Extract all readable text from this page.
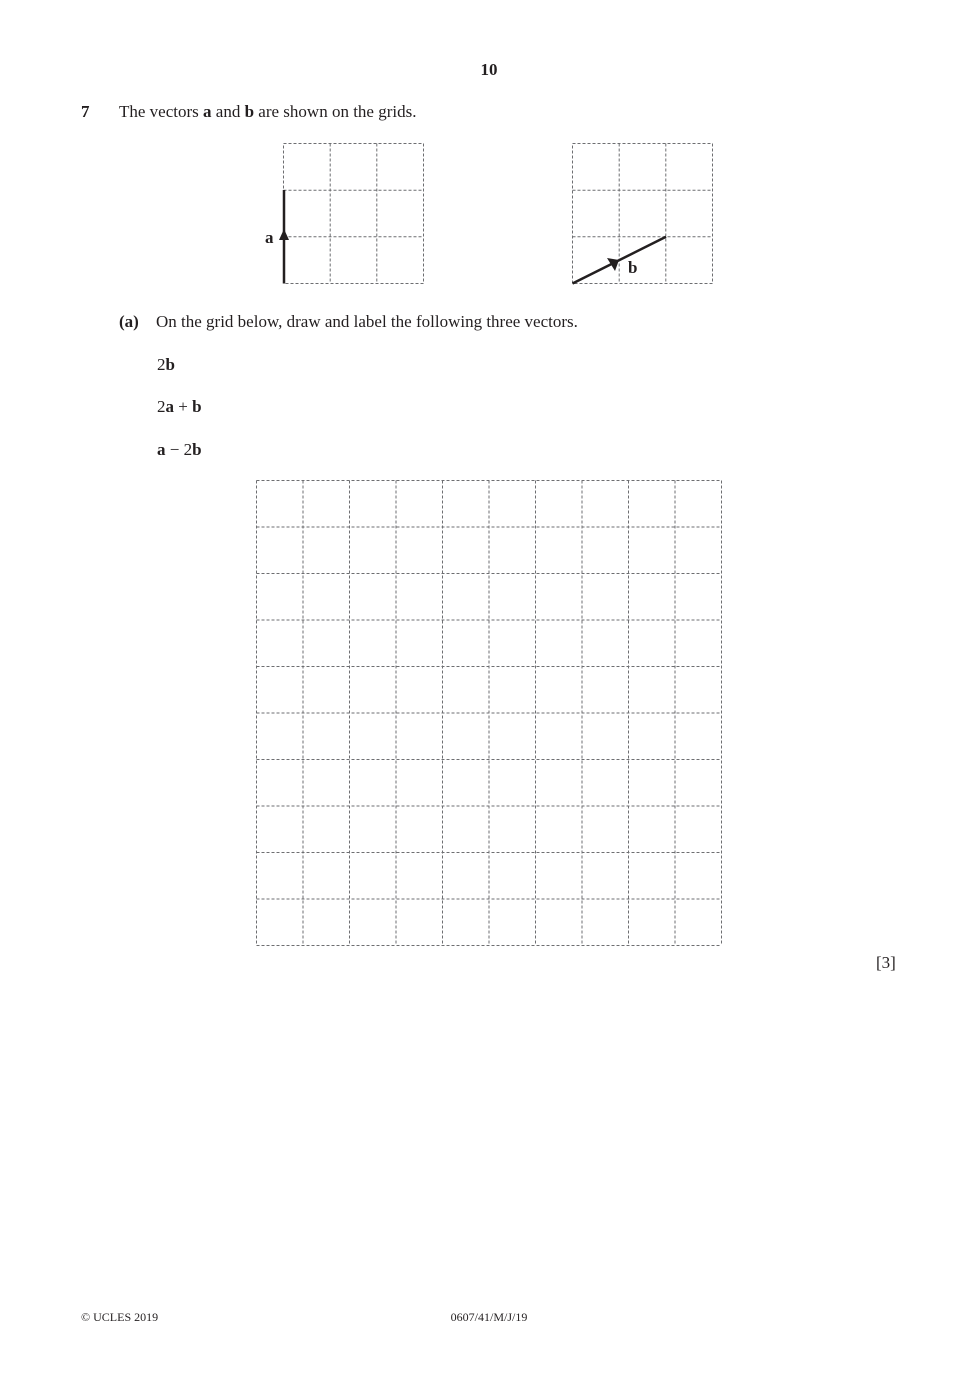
10
7 The vectors a and b are shown on the grids.
a
b
(a) On the grid below, draw and label the following three vectors.
2b
2a + b
a − 2b
[3]
© UCLES 2019	0607/41/M/J/19
